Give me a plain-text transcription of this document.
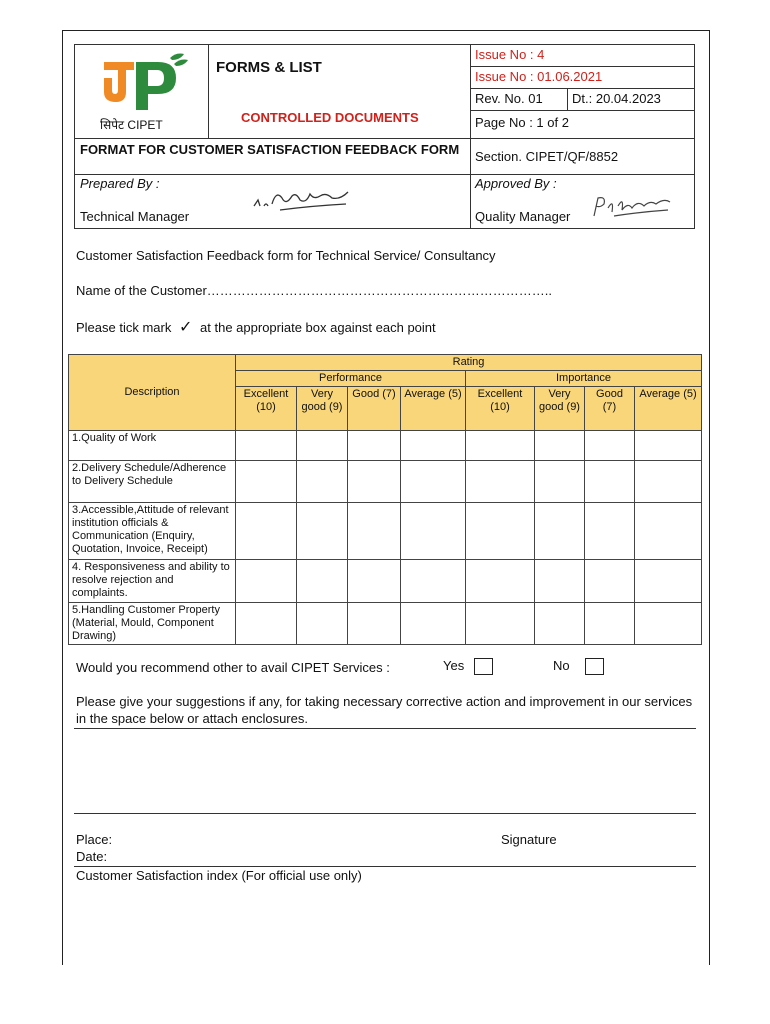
सिपेट CIPET
FORMS & LIST
CONTROLLED DOCUMENTS
Issue No : 4
Issue No : 01.06.2021
Rev. No. 01 Dt.: 20.04.2023
Page No : 1 of 2
FORMAT FOR CUSTOMER SATISFACTION FEEDBACK FORM	Section. CIPET/QF/8852
Prepared By :
Technical Manager
Approved By :
Quality Manager
Customer Satisfaction Feedback form for Technical Service/ Consultancy
Name of the Customer……………………………………………………………………..
Please tick mark ✓ at the appropriate box against each point
Description	Rating							
	Performance				Importance			
	Excellent (10)	Very good (9)	Good (7)	Average (5)	Excellent (10)	Very good (9)	Good (7)	Average (5)
1.Quality of Work								
2.Delivery Schedule/Adherence to Delivery Schedule								
3.Accessible,Attitude of relevant institution officials & Communication (Enquiry, Quotation, Invoice, Receipt)								
4. Responsiveness and ability to resolve rejection and complaints.								
5.Handling Customer Property (Material, Mould, Component Drawing)								
Would you recommend other to avail CIPET Services :	Yes	No
Please give your suggestions if any, for taking necessary corrective action and improvement in our services in the space below or attach enclosures.
Place:
Date:
Signature
Customer Satisfaction index (For official use only)
